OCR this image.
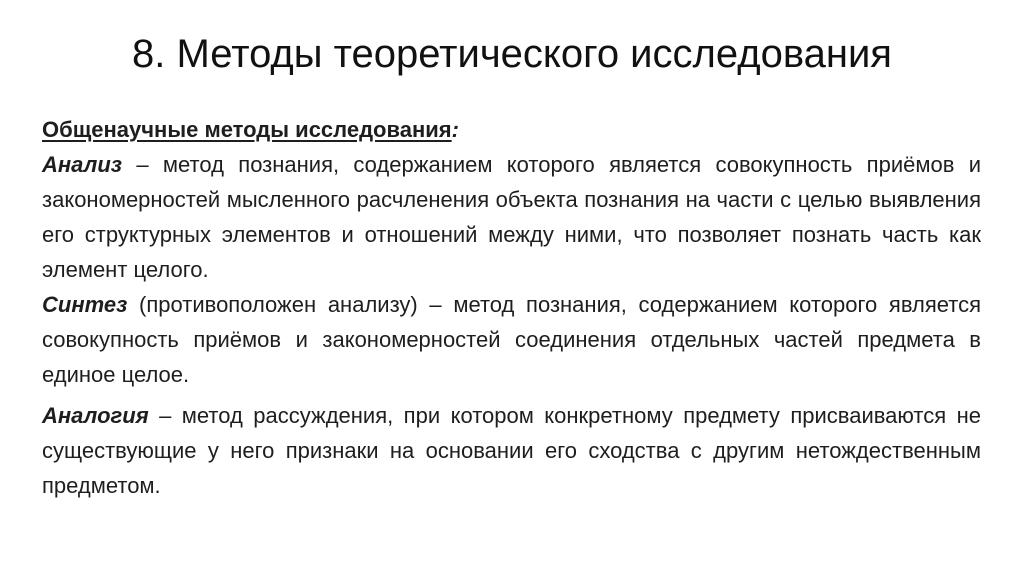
8. Методы теоретического исследования

Общенаучные методы исследования:

Анализ – метод познания, содержанием которого является совокупность приёмов и закономерностей мысленного расчленения объекта познания на части с целью выявления его структурных элементов и отношений между ними, что позволяет познать часть как элемент целого.

Синтез (противоположен анализу) – метод познания, содержанием которого является совокупность приёмов и закономерностей соединения отдельных частей предмета в единое целое.

Аналогия – метод рассуждения, при котором конкретному предмету присваиваются не существующие у него признаки на основании его сходства с другим нетождественным предметом.
